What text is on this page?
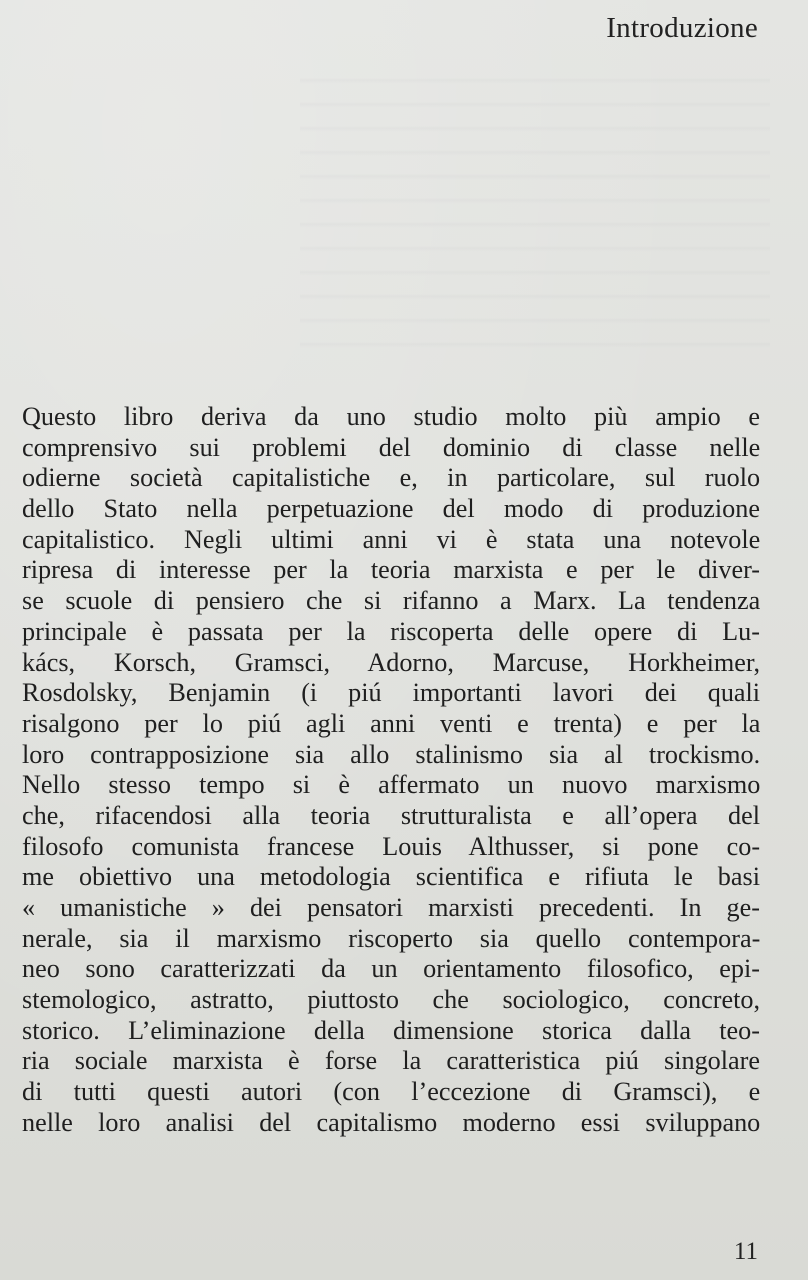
Introduzione
Questo libro deriva da uno studio molto più ampio e
comprensivo sui problemi del dominio di classe nelle
odierne società capitalistiche e, in particolare, sul ruolo
dello Stato nella perpetuazione del modo di produzione
capitalistico. Negli ultimi anni vi è stata una notevole
ripresa di interesse per la teoria marxista e per le diver-
se scuole di pensiero che si rifanno a Marx. La tendenza
principale è passata per la riscoperta delle opere di Lu-
kács, Korsch, Gramsci, Adorno, Marcuse, Horkheimer,
Rosdolsky, Benjamin (i piú importanti lavori dei quali
risalgono per lo piú agli anni venti e trenta) e per la
loro contrapposizione sia allo stalinismo sia al trockismo.
Nello stesso tempo si è affermato un nuovo marxismo
che, rifacendosi alla teoria strutturalista e all’opera del
filosofo comunista francese Louis Althusser, si pone co-
me obiettivo una metodologia scientifica e rifiuta le basi
« umanistiche » dei pensatori marxisti precedenti. In ge-
nerale, sia il marxismo riscoperto sia quello contempora-
neo sono caratterizzati da un orientamento filosofico, epi-
stemologico, astratto, piuttosto che sociologico, concreto,
storico. L’eliminazione della dimensione storica dalla teo-
ria sociale marxista è forse la caratteristica piú singolare
di tutti questi autori (con l’eccezione di Gramsci), e
nelle loro analisi del capitalismo moderno essi sviluppano
11
